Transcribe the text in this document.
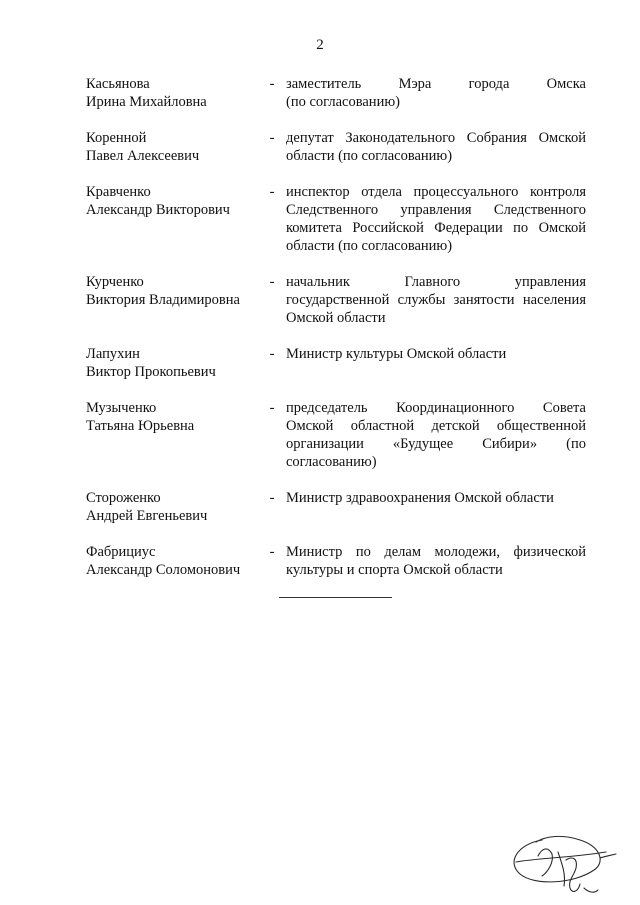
2
Касьянова
Ирина Михайловна
- заместитель Мэра города Омска
(по согласованию)
Коренной
Павел Алексеевич
- депутат Законодательного Собрания Омской
области (по согласованию)
Кравченко
Александр Викторович
- инспектор отдела процессуального контроля
Следственного управления Следственного
комитета Российской Федерации по Омской
области (по согласованию)
Курченко
Виктория Владимировна
- начальник Главного управления
государственной службы занятости населения
Омской области
Лапухин
Виктор Прокопьевич
- Министр культуры Омской области
Музыченко
Татьяна Юрьевна
- председатель Координационного Совета
Омской областной детской общественной
организации «Будущее Сибири» (по
согласованию)
Стороженко
Андрей Евгеньевич
- Министр здравоохранения Омской области
Фабрициус
Александр Соломонович
- Министр по делам молодежи, физической
культуры и спорта Омской области
